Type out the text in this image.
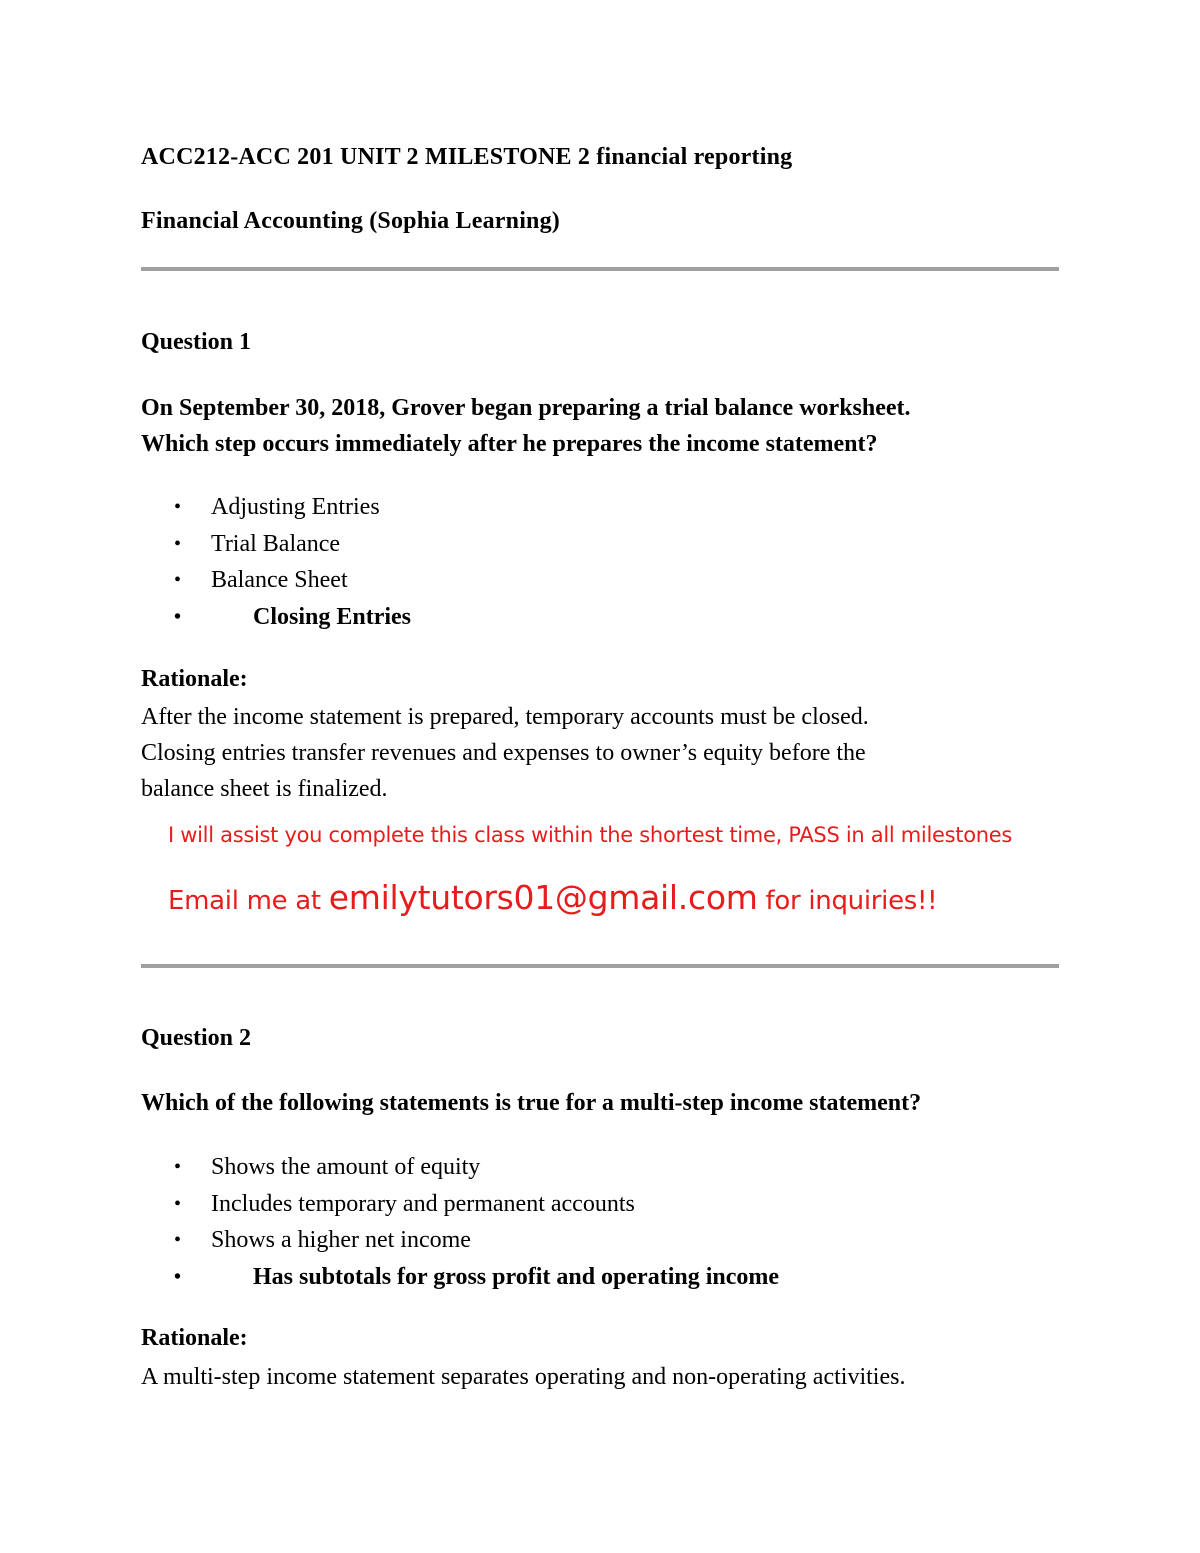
ACC212-ACC 201 UNIT 2 MILESTONE 2 financial reporting
Financial Accounting (Sophia Learning)
Question 1
On September 30, 2018, Grover began preparing a trial balance worksheet.
Which step occurs immediately after he prepares the income statement?
• Adjusting Entries
• Trial Balance
• Balance Sheet
•	Closing Entries
Rationale:
After the income statement is prepared, temporary accounts must be closed.
Closing entries transfer revenues and expenses to owner’s equity before the
balance sheet is finalized.
I will assist you complete this class within the shortest time, PASS in all milestones
Email me at emilytutors01@gmail.com for inquiries!!
Question 2
Which of the following statements is true for a multi-step income statement?
• Shows the amount of equity
• Includes temporary and permanent accounts
• Shows a higher net income
•	Has subtotals for gross profit and operating income
Rationale:
A multi-step income statement separates operating and non-operating activities.
